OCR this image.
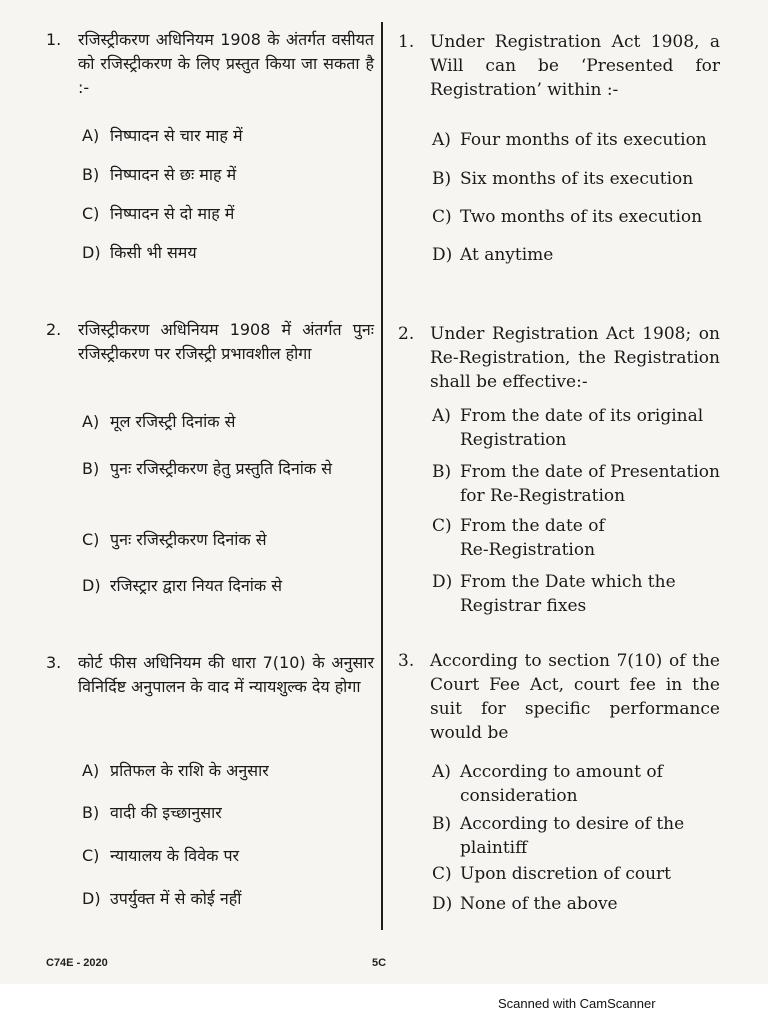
1. रजिस्ट्रीकरण अधिनियम 1908 के अंतर्गत वसीयत को रजिस्ट्रीकरण के लिए प्रस्तुत किया जा सकता है :-
A) निष्पादन से चार माह में
B) निष्पादन से छः माह में
C) निष्पादन से दो माह में
D) किसी भी समय
2. रजिस्ट्रीकरण अधिनियम 1908 में अंतर्गत पुनः रजिस्ट्रीकरण पर रजिस्ट्री प्रभावशील होगा
A) मूल रजिस्ट्री दिनांक से
B) पुनः रजिस्ट्रीकरण हेतु प्रस्तुति दिनांक से
C) पुनः रजिस्ट्रीकरण दिनांक से
D) रजिस्ट्रार द्वारा नियत दिनांक से
3. कोर्ट फीस अधिनियम की धारा 7(10) के अनुसार विनिर्दिष्ट अनुपालन के वाद में न्यायशुल्क देय होगा
A) प्रतिफल के राशि के अनुसार
B) वादी की इच्छानुसार
C) न्यायालय के विवेक पर
D) उपर्युक्त में से कोई नहीं
1. Under Registration Act 1908, a Will can be ‘Presented for Registration’ within :-
A) Four months of its execution
B) Six months of its execution
C) Two months of its execution
D) At anytime
2. Under Registration Act 1908; on Re-Registration, the Registration shall be effective:-
A) From the date of its original Registration
B) From the date of Presentation for Re-Registration
C) From the date of Re-Registration
D) From the Date which the Registrar fixes
3. According to section 7(10) of the Court Fee Act, court fee in the suit for specific performance would be
A) According to amount of consideration
B) According to desire of the plaintiff
C) Upon discretion of court
D) None of the above
C74E - 2020	5C
Scanned with CamScanner
